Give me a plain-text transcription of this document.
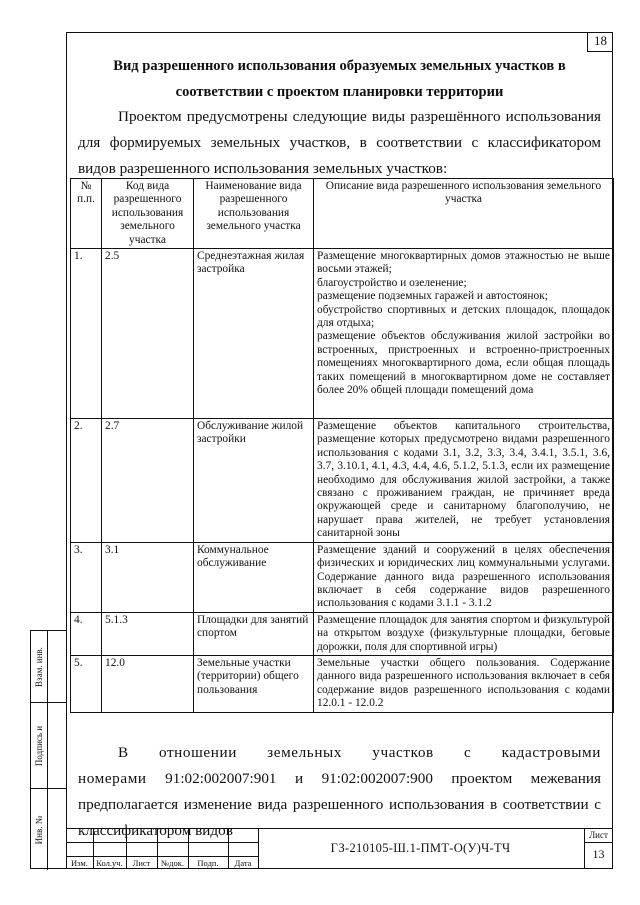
18
Вид разрешенного использования образуемых земельных участков в
соответствии с проектом планировки территории

Проектом предусмотрены следующие виды разрешённого использования для формируемых земельных участков, в соответствии с классификатором видов разрешенного использования земельных участков:

№ п.п.	Код вида разрешенного использования земельного участка	Наименование вида разрешенного использования земельного участка	Описание вида разрешенного использования земельного участка
1.	2.5	Среднеэтажная жилая застройка	Размещение многоквартирных домов этажностью не выше восьми этажей;
благоустройство и озеленение;
размещение подземных гаражей и автостоянок;
обустройство спортивных и детских площадок, площадок для отдыха;
размещение объектов обслуживания жилой застройки во встроенных, пристроенных и встроенно-пристроенных помещениях многоквартирного дома, если общая площадь таких помещений в многоквартирном доме не составляет более 20% общей площади помещений дома
2.	2.7	Обслуживание жилой застройки	Размещение объектов капитального строительства, размещение которых предусмотрено видами разрешенного использования с кодами 3.1, 3.2, 3.3, 3.4, 3.4.1, 3.5.1, 3.6, 3.7, 3.10.1, 4.1, 4.3, 4.4, 4.6, 5.1.2, 5.1.3, если их размещение необходимо для обслуживания жилой застройки, а также связано с проживанием граждан, не причиняет вреда окружающей среде и санитарному благополучию, не нарушает права жителей, не требует установления санитарной зоны
3.	3.1	Коммунальное обслуживание	Размещение зданий и сооружений в целях обеспечения физических и юридических лиц коммунальными услугами. Содержание данного вида разрешенного использования включает в себя содержание видов разрешенного использования с кодами 3.1.1 - 3.1.2
4.	5.1.3	Площадки для занятий спортом	Размещение площадок для занятия спортом и физкультурой на открытом воздухе (физкультурные площадки, беговые дорожки, поля для спортивной игры)
5.	12.0	Земельные участки (территории) общего пользования	Земельные участки общего пользования. Содержание данного вида разрешенного использования включает в себя содержание видов разрешенного использования с кодами 12.0.1 - 12.0.2

В отношении земельных участков с кадастровыми номерами 91:02:002007:901 и 91:02:002007:900 проектом межевания предполагается изменение вида разрешенного использования в соответствии с классификатором видов

Взам. инв.
Подпись и
Инв. №
Изм. Кол.уч.	Лист	№док.	Подп.	Дата
ГЗ-210105-Ш.1-ПМТ-О(У)Ч-ТЧ
Лист
13
